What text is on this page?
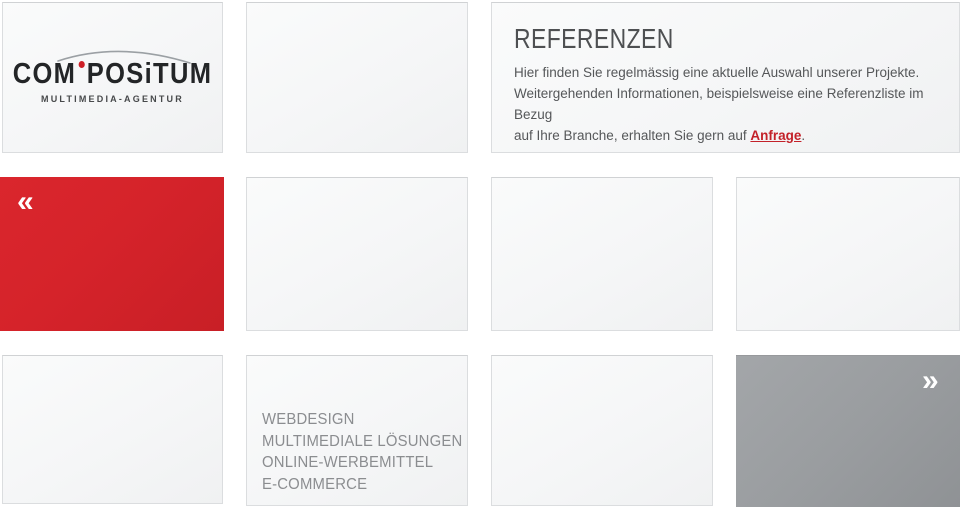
COM POSiTUM
MULTIMEDIA-AGENTUR
REFERENZEN

Hier finden Sie regelmässig eine aktuelle Auswahl unserer Projekte.
Weitergehenden Informationen, beispielsweise eine Referenzliste im Bezug
auf Ihre Branche, erhalten Sie gern auf Anfrage.

«
WEBDESIGN
MULTIMEDIALE LÖSUNGEN
ONLINE-WERBEMITTEL
E-COMMERCE
»
